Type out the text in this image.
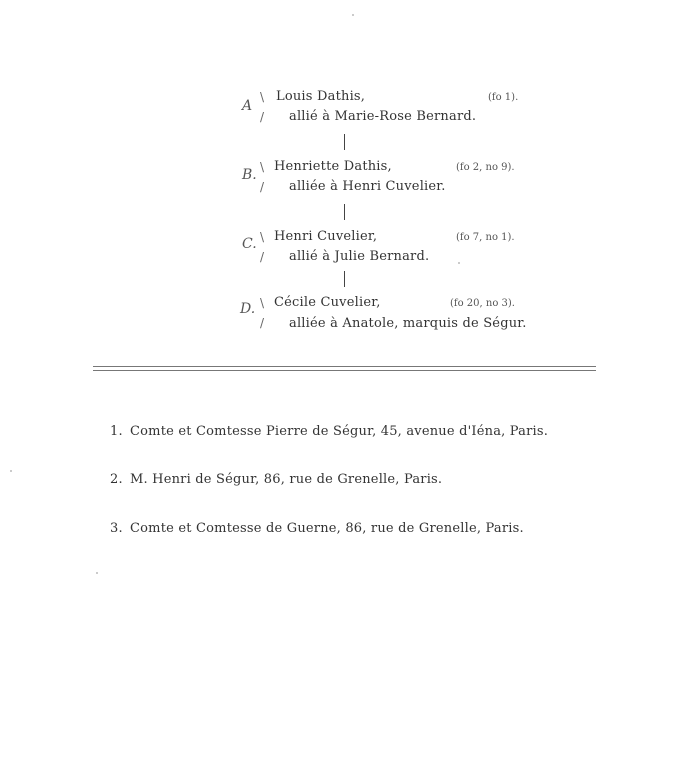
A
\
/
Louis Dathis,	(fo 1).
allié à Marie-Rose Bernard.
B. \
/
Henriette Dathis,	(fo 2, no 9).
alliée à Henri Cuvelier.
C. \
/
Henri Cuvelier,	(fo 7, no 1).
allié à Julie Bernard.
D. \
/
Cécile Cuvelier,	(fo 20, no 3).
alliée à Anatole, marquis de Ségur.
1. Comte et Comtesse Pierre de Ségur, 45, avenue d'Iéna, Paris.
2. M. Henri de Ségur, 86, rue de Grenelle, Paris.
3. Comte et Comtesse de Guerne, 86, rue de Grenelle, Paris.
